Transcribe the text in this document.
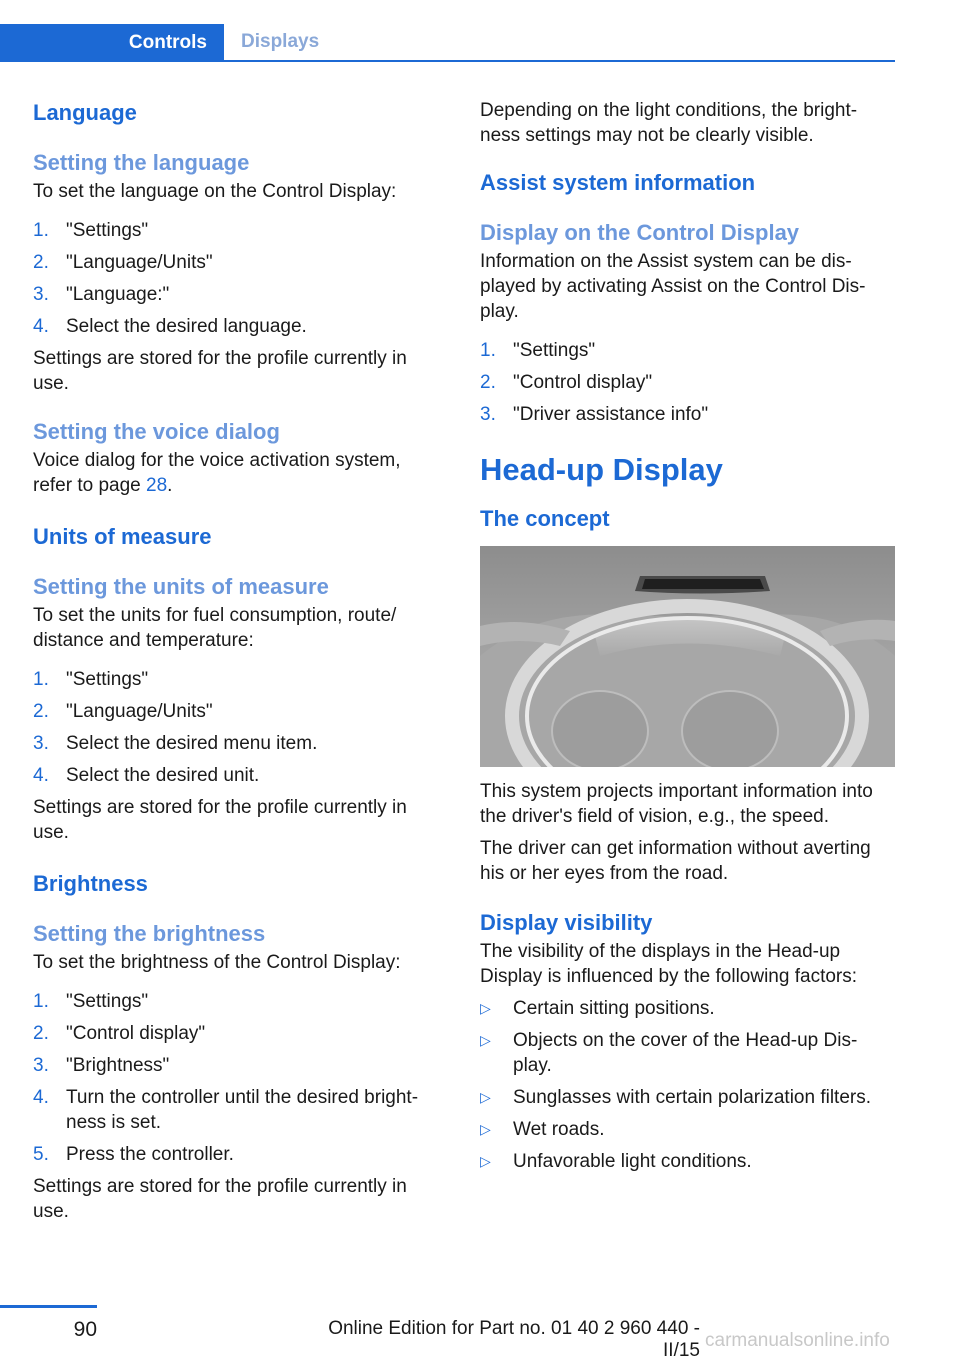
Controls	Displays
Language
Setting the language

To set the language on the Control Display:

1. "Settings"
2. "Language/Units"
3. "Language:"
4. Select the desired language.

Settings are stored for the profile currently in use.

Setting the voice dialog

Voice dialog for the voice activation system, refer to page 28.

Units of measure
Setting the units of measure

To set the units for fuel consumption, route/ distance and temperature:

1. "Settings"
2. "Language/Units"
3. Select the desired menu item.
4. Select the desired unit.

Settings are stored for the profile currently in use.

Brightness
Setting the brightness

To set the brightness of the Control Display:

1. "Settings"
2. "Control display"
3. "Brightness"
4. Turn the controller until the desired bright‐ ness is set.
5. Press the controller.

Settings are stored for the profile currently in use.

Depending on the light conditions, the bright‐ ness settings may not be clearly visible.

Assist system information
Display on the Control Display

Information on the Assist system can be dis‐ played by activating Assist on the Control Dis‐ play.

1. "Settings"
2. "Control display"
3. "Driver assistance info"
Head-up Display
The concept

This system projects important information into the driver's field of vision, e.g., the speed.

The driver can get information without averting his or her eyes from the road.

Display visibility

The visibility of the displays in the Head-up Display is influenced by the following factors:

▷	Certain sitting positions.
▷	Objects on the cover of the Head-up Dis‐ play.
▷	Sunglasses with certain polarization filters.
▷	Wet roads.
▷	Unfavorable light conditions.
90	Online Edition for Part no. 01 40 2 960 440 - II/15 carmanualsonline.info
